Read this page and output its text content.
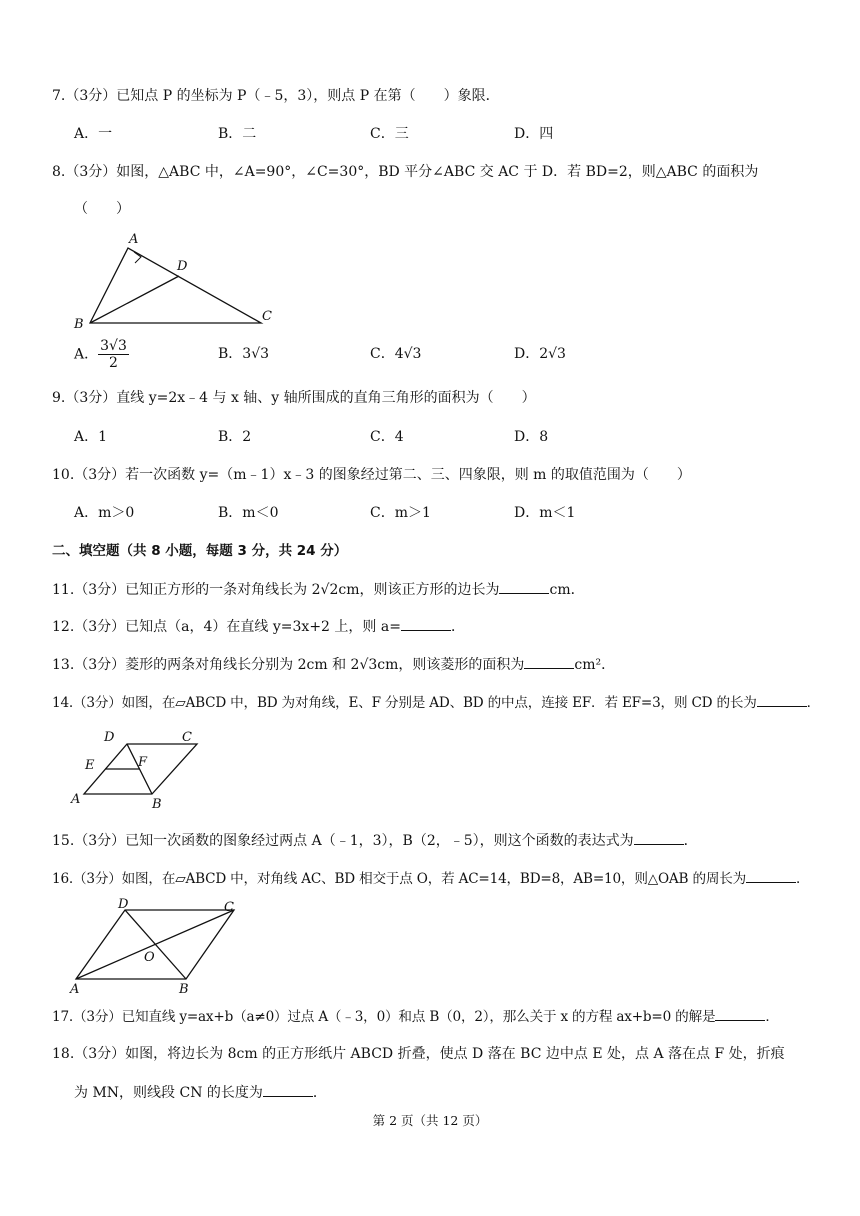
7.（3分）已知点 P 的坐标为 P（﹣5，3），则点 P 在第（　　）象限．
A．一	B．二	C．三	D．四
8.（3分）如图，△ABC 中，∠A=90°，∠C=30°，BD 平分∠ABC 交 AC 于 D．若 BD=2，则△ABC 的面积为
（　　）
A
D
B
C
A． $\frac{3√3}{2}$	B．3√3	C．4√3	D．2√3
9.（3分）直线 y=2x﹣4 与 x 轴、y 轴所围成的直角三角形的面积为（　　）
A．1	B．2	C．4	D．8
10.（3分）若一次函数 y=（m﹣1）x﹣3 的图象经过第二、三、四象限，则 m 的取值范围为（　　）
A．m＞0	B．m＜0	C．m＞1	D．m＜1
二、填空题（共 8 小题，每题 3 分，共 24 分）
11.（3分）已知正方形的一条对角线长为 2√2cm，则该正方形的边长为	cm．
12.（3分）已知点（a，4）在直线 y=3x+2 上，则 a=	．
13.（3分）菱形的两条对角线长分别为 2cm 和 2√3cm，则该菱形的面积为	cm²．
14.（3分）如图，在▱ABCD 中，BD 为对角线，E、F 分别是 AD、BD 的中点，连接 EF．若 EF=3，则 CD 的长为	．
D	C
E	F
A	B
15.（3分）已知一次函数的图象经过两点 A（﹣1，3），B（2，﹣5），则这个函数的表达式为	．
16.（3分）如图，在▱ABCD 中，对角线 AC、BD 相交于点 O，若 AC=14，BD=8，AB=10，则△OAB 的周长为	．
D	C
O
A	B
17.（3分）已知直线 y=ax+b（a≠0）过点 A（﹣3，0）和点 B（0，2），那么关于 x 的方程 ax+b=0 的解是	．
18.（3分）如图，将边长为 8cm 的正方形纸片 ABCD 折叠，使点 D 落在 BC 边中点 E 处，点 A 落在点 F 处，折痕
为 MN，则线段 CN 的长度为	．
第 2 页（共 12 页）
